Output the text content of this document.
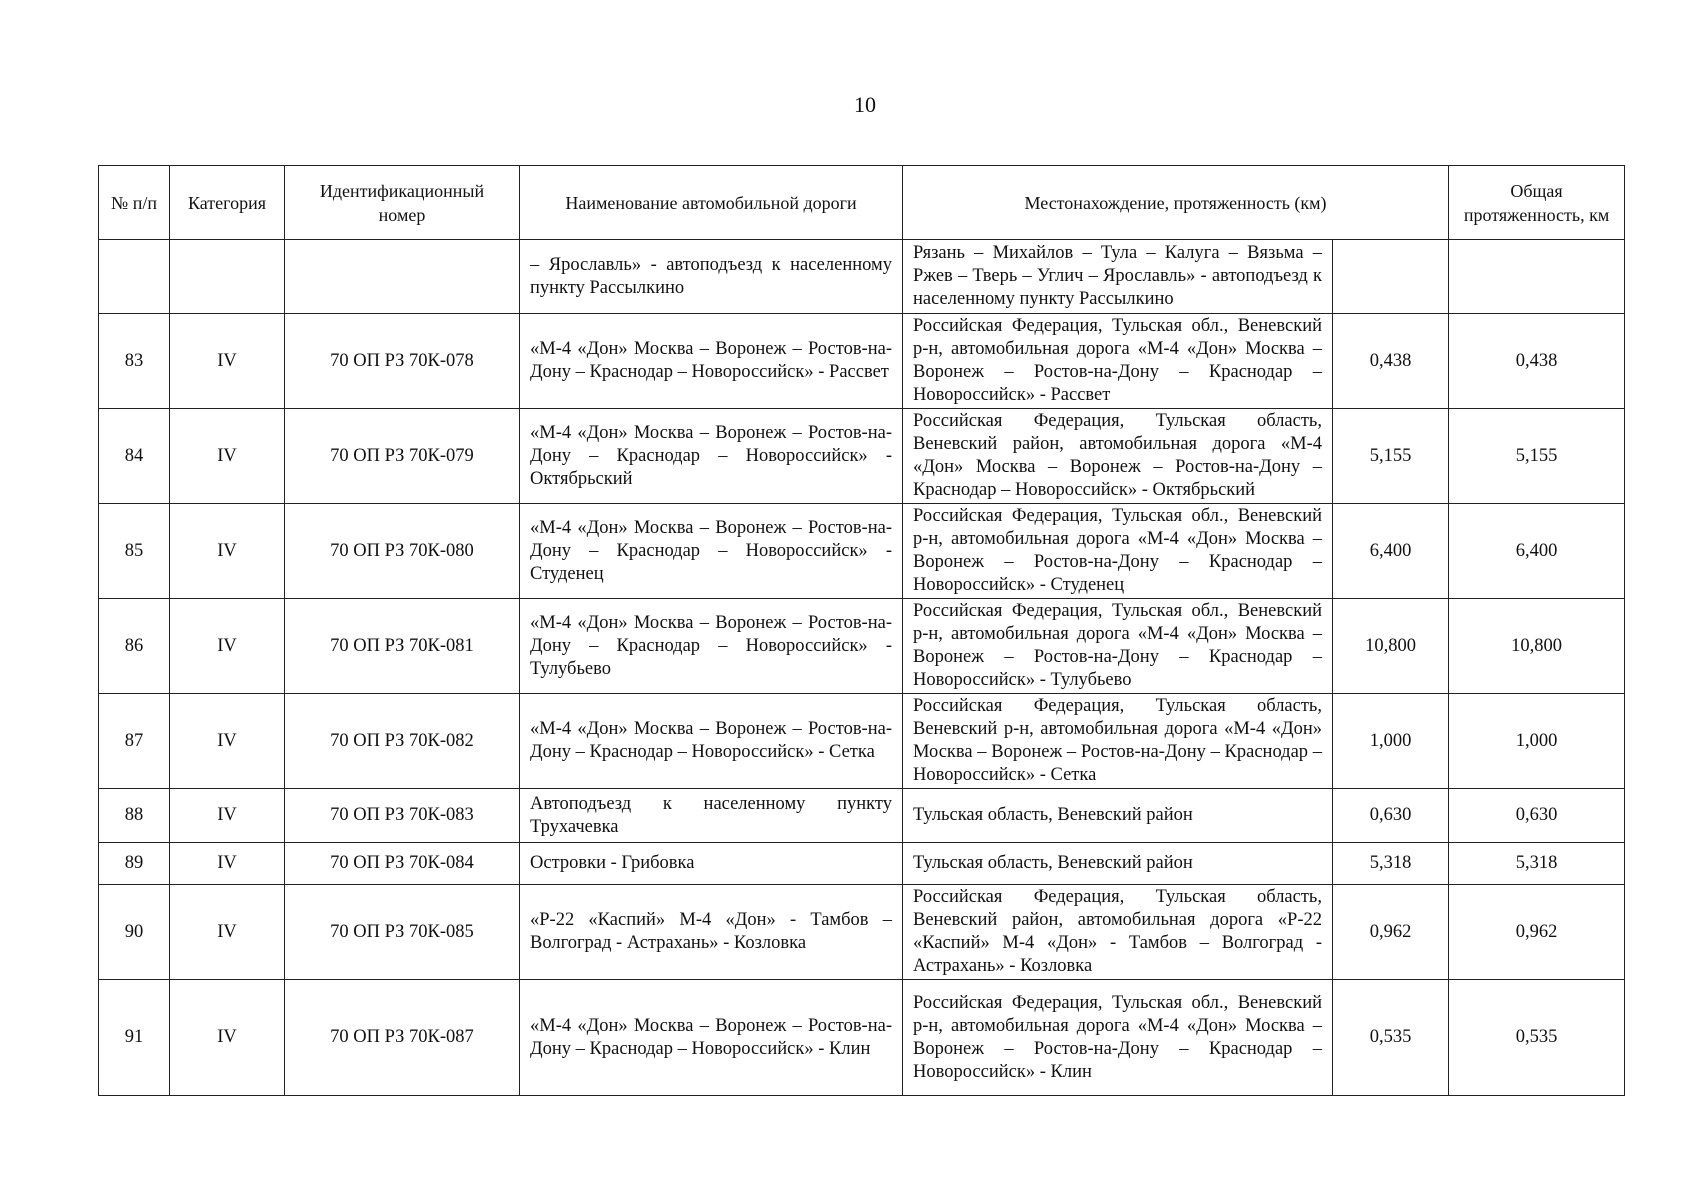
10
№ п/п	Категория	Идентификационный номер	Наименование автомобильной дороги	Местонахождение, протяженность (км)		Общая протяженность, км
			– Ярославль» - автоподъезд к населенному пункту Рассылкино	Рязань – Михайлов – Тула – Калуга – Вязьма – Ржев – Тверь – Углич – Ярославль» - автоподъезд к населенному пункту Рассылкино		
83	IV	70 ОП РЗ 70К-078	«М-4 «Дон» Москва – Воронеж – Ростов-на-Дону – Краснодар – Новороссийск» - Рассвет	Российская Федерация, Тульская обл., Веневский р-н, автомобильная дорога «М-4 «Дон» Москва – Воронеж – Ростов-на-Дону – Краснодар – Новороссийск» - Рассвет	0,438	0,438
84	IV	70 ОП РЗ 70К-079	«М-4 «Дон» Москва – Воронеж – Ростов-на-Дону – Краснодар – Новороссийск» - Октябрьский	Российская Федерация, Тульская область, Веневский район, автомобильная дорога «М-4 «Дон» Москва – Воронеж – Ростов-на-Дону – Краснодар – Новороссийск» - Октябрьский	5,155	5,155
85	IV	70 ОП РЗ 70К-080	«М-4 «Дон» Москва – Воронеж – Ростов-на-Дону – Краснодар – Новороссийск» - Студенец	Российская Федерация, Тульская обл., Веневский р-н, автомобильная дорога «М-4 «Дон» Москва – Воронеж – Ростов-на-Дону – Краснодар – Новороссийск» - Студенец	6,400	6,400
86	IV	70 ОП РЗ 70К-081	«М-4 «Дон» Москва – Воронеж – Ростов-на-Дону – Краснодар – Новороссийск» - Тулубьево	Российская Федерация, Тульская обл., Веневский р-н, автомобильная дорога «М-4 «Дон» Москва – Воронеж – Ростов-на-Дону – Краснодар – Новороссийск» - Тулубьево	10,800	10,800
87	IV	70 ОП РЗ 70К-082	«М-4 «Дон» Москва – Воронеж – Ростов-на-Дону – Краснодар – Новороссийск» - Сетка	Российская Федерация, Тульская область, Веневский р-н, автомобильная дорога «М-4 «Дон» Москва – Воронеж – Ростов-на-Дону – Краснодар – Новороссийск» - Сетка	1,000	1,000
88	IV	70 ОП РЗ 70К-083	Автоподъезд к населенному пункту Трухачевка	Тульская область, Веневский район	0,630	0,630
89	IV	70 ОП РЗ 70К-084	Островки - Грибовка	Тульская область, Веневский район	5,318	5,318
90	IV	70 ОП РЗ 70К-085	«Р-22 «Каспий» М-4 «Дон» - Тамбов – Волгоград - Астрахань» - Козловка	Российская Федерация, Тульская область, Веневский район, автомобильная дорога «Р-22 «Каспий» М-4 «Дон» - Тамбов – Волгоград - Астрахань» - Козловка	0,962	0,962
91	IV	70 ОП РЗ 70К-087	«М-4 «Дон» Москва – Воронеж – Ростов-на-Дону – Краснодар – Новороссийск» - Клин	Российская Федерация, Тульская обл., Веневский р-н, автомобильная дорога «М-4 «Дон» Москва – Воронеж – Ростов-на-Дону – Краснодар – Новороссийск» - Клин	0,535	0,535
